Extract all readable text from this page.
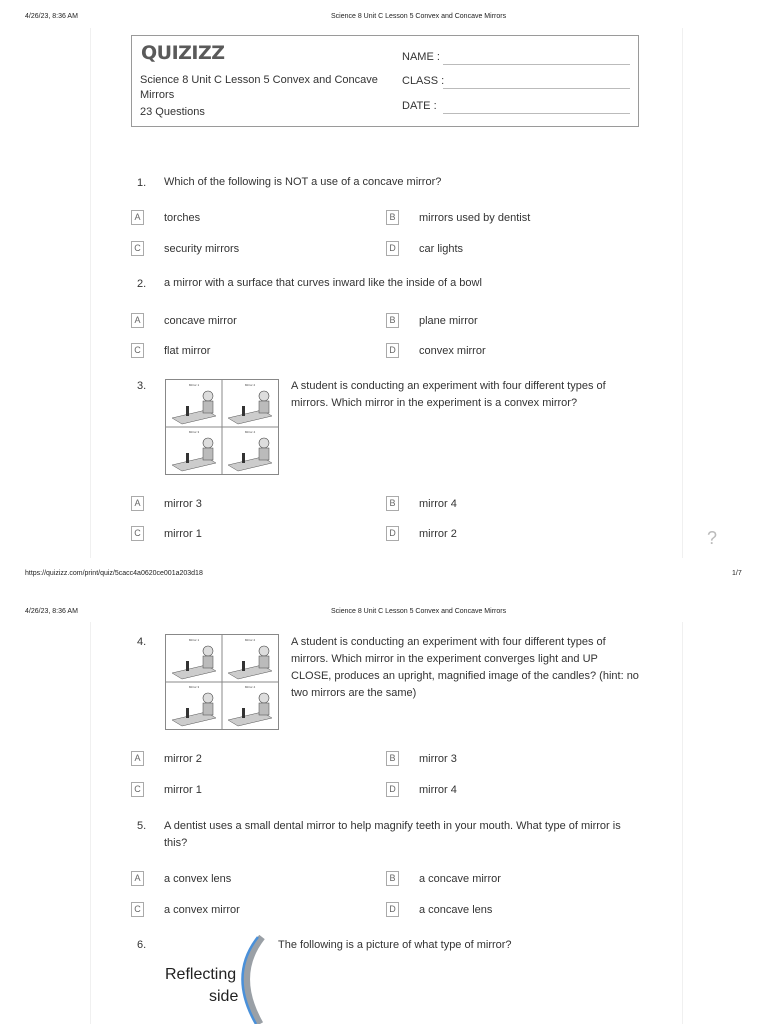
4/26/23, 8:36 AM	Science 8 Unit C Lesson 5 Convex and Concave Mirrors
QUIZIZZ
Science 8 Unit C Lesson 5 Convex and Concave Mirrors
23 Questions
NAME :
CLASS :
DATE :
1. Which of the following is NOT a use of a concave mirror?
A	torches	B	mirrors used by dentist
C security mirrors	D car lights
2. a mirror with a surface that curves inward like the inside of a bowl
A	concave mirror	B	plane mirror
C flat mirror	D convex mirror
3.	Mirror 1	Mirror 2
Mirror 3	Mirror 4
A student is conducting an experiment with four different types of mirrors. Which mirror in the experiment is a convex mirror?
A	mirror 3	B	mirror 4
C mirror 1	D mirror 2	?
https://quizizz.com/print/quiz/5cacc4a0620ce001a203d18	1/7
4/26/23, 8:36 AM	Science 8 Unit C Lesson 5 Convex and Concave Mirrors
4.	Mirror 1	Mirror 2
Mirror 3	Mirror 4
A student is conducting an experiment with four different types of mirrors. Which mirror in the experiment converges light and UP CLOSE, produces an upright, magnified image of the candles? (hint: no two mirrors are the same)
A	mirror 2	B	mirror 3
C mirror 1	D mirror 4
5. A dentist uses a small dental mirror to help magnify teeth in your mouth. What type of mirror is this?
A	a convex lens	B	a concave mirror
C a convex mirror	D a concave lens
6.
Reflecting
side
The following is a picture of what type of mirror?
